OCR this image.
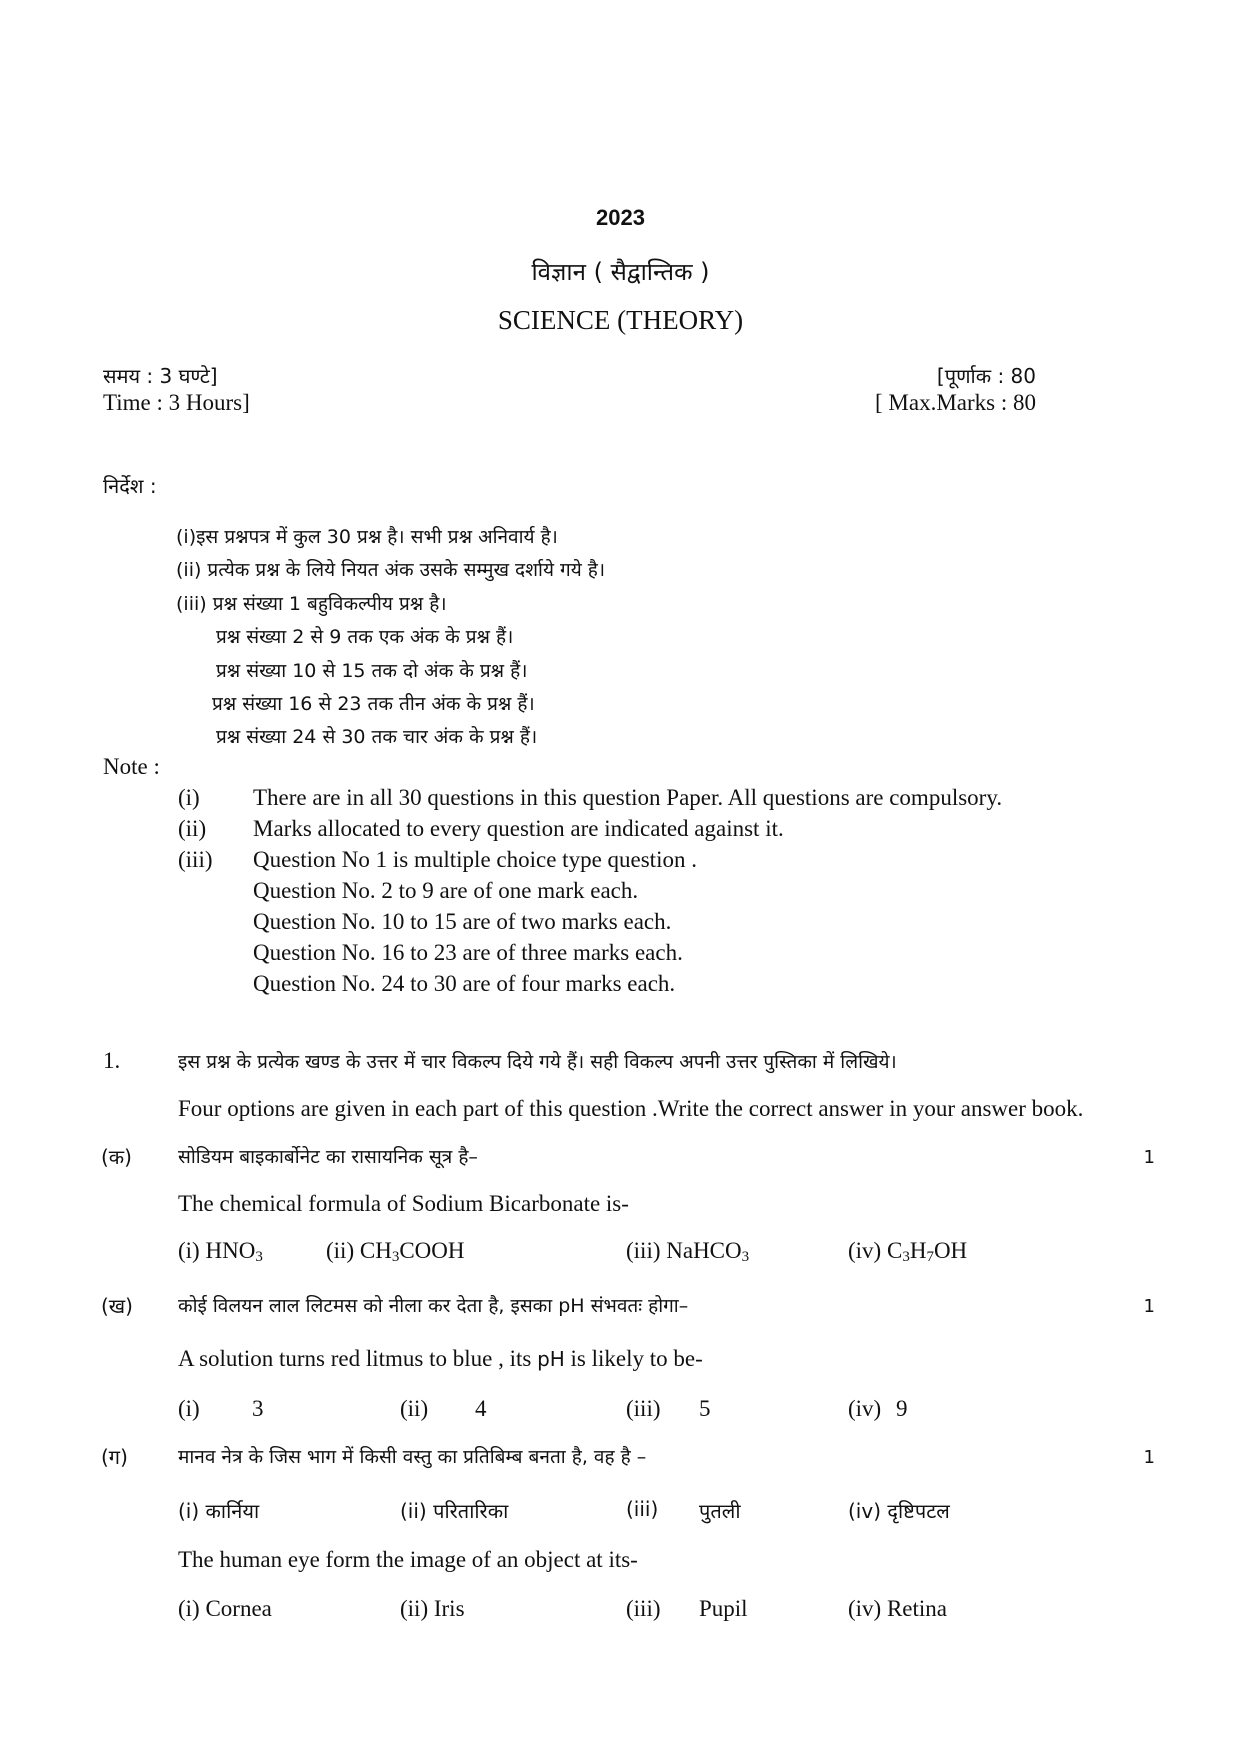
2023
विज्ञान ( सैद्वान्तिक )
SCIENCE (THEORY)
समय : 3 घण्टे]
Time : 3 Hours]
[पूर्णाक : 80
[ Max.Marks : 80
निर्देश :
(i)इस प्रश्नपत्र में कुल 30 प्रश्न है। सभी प्रश्न अनिवार्य है।
(ii) प्रत्येक प्रश्न के लिये नियत अंक उसके सम्मुख दर्शाये गये है।
(iii) प्रश्न संख्या 1 बहुविकल्पीय प्रश्न है।
प्रश्न संख्या 2 से 9 तक एक अंक के प्रश्न हैं।
प्रश्न संख्या 10 से 15 तक दो अंक के प्रश्न हैं।
प्रश्न संख्या 16 से 23 तक तीन अंक के प्रश्न हैं।
प्रश्न संख्या 24 से 30 तक चार अंक के प्रश्न हैं।
Note :
(i) There are in all 30 questions in this question Paper. All questions are compulsory.
(ii) Marks allocated to every question are indicated against it.
(iii) Question No 1 is multiple choice type question .
Question No. 2 to 9 are of one mark each.
Question No. 10 to 15 are of two marks each.
Question No. 16 to 23 are of three marks each.
Question No. 24 to 30 are of four marks each.
1.	इस प्रश्न के प्रत्येक खण्ड के उत्तर में चार विकल्प दिये गये हैं। सही विकल्प अपनी उत्तर पुस्तिका में लिखिये।
Four options are given in each part of this question .Write the correct answer in your answer book.
(क) सोडियम बाइकार्बोनेट का रासायनिक सूत्र है–	1
The chemical formula of Sodium Bicarbonate is-
(i) $HNO_3$	(ii) $CH_3COOH$	(iii) NaHCO$_3$	(iv) $C_3H_7OH$
(ख) कोई विलयन लाल लिटमस को नीला कर देता है, इसका pH संभवतः होगा–	1
A solution turns red litmus to blue , its pH is likely to be-
(i) 3	(ii) 4	(iii) 5	(iv) 9
(ग)	मानव नेत्र के जिस भाग में किसी वस्तु का प्रतिबिम्ब बनता है, वह है –	1
(i) कार्निया	(ii) परितारिका	(iii) पुतली	(iv) दृष्टिपटल
The human eye form the image of an object at its-
(i) Cornea	(ii) Iris	(iii) Pupil	(iv) Retina
